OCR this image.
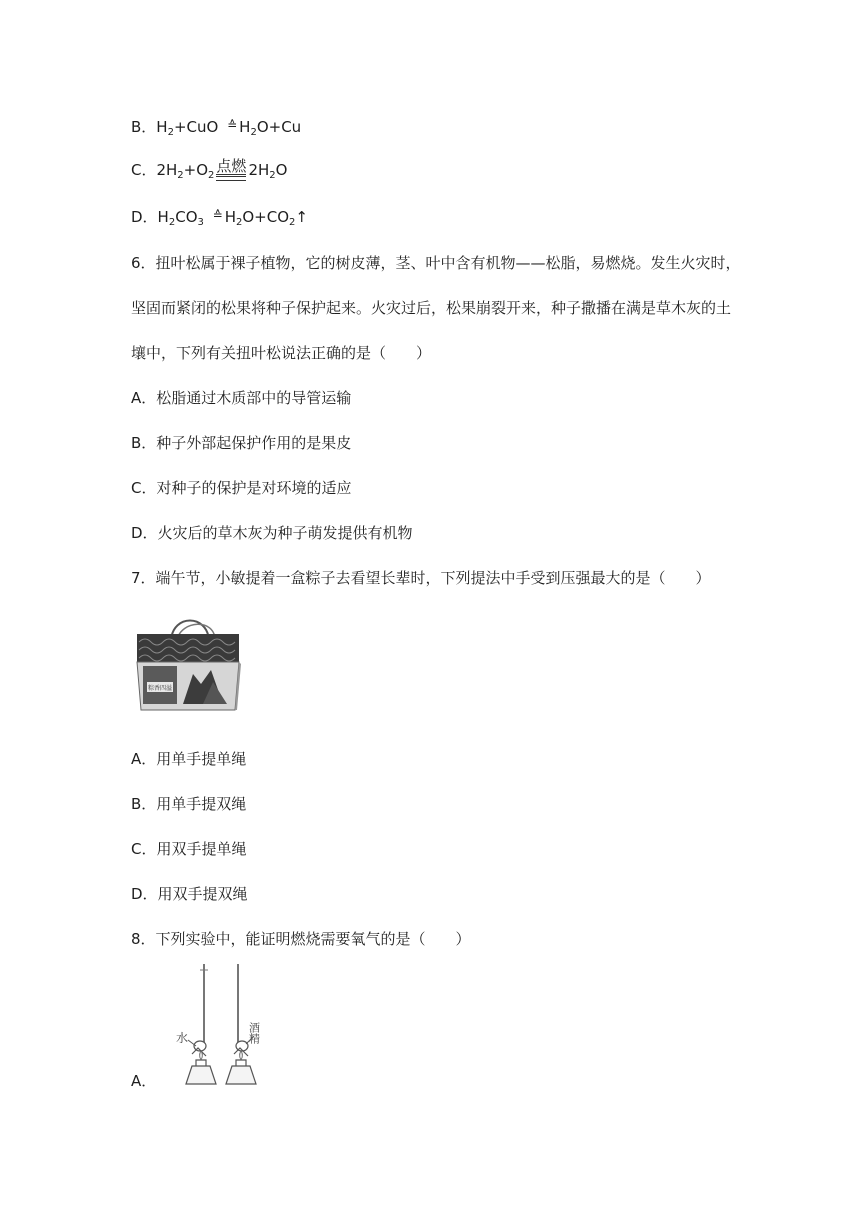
B．$H_2+CuO$ ≙ $H_2O+Cu$
C．$2H_2+O_2$点燃 $2H_2O$
D．$H_2CO_3$ ≙ $H_2O+CO_2↑$
6．扭叶松属于裸子植物，它的树皮薄，茎、叶中含有机物——松脂，易燃烧。发生火灾时，
坚固而紧闭的松果将种子保护起来。火灾过后，松果崩裂开来，种子撒播在满是草木灰的土
壤中，下列有关扭叶松说法正确的是（　　）
A．松脂通过木质部中的导管运输
B．种子外部起保护作用的是果皮
C．对种子的保护是对环境的适应
D．火灾后的草木灰为种子萌发提供有机物
7．端午节，小敏提着一盒粽子去看望长辈时，下列提法中手受到压强最大的是（　　）
粽香四溢
A．用单手提单绳
B．用单手提双绳
C．用双手提单绳
D．用双手提双绳
8．下列实验中，能证明燃烧需要氧气的是（　　）
A．
水	酒精
